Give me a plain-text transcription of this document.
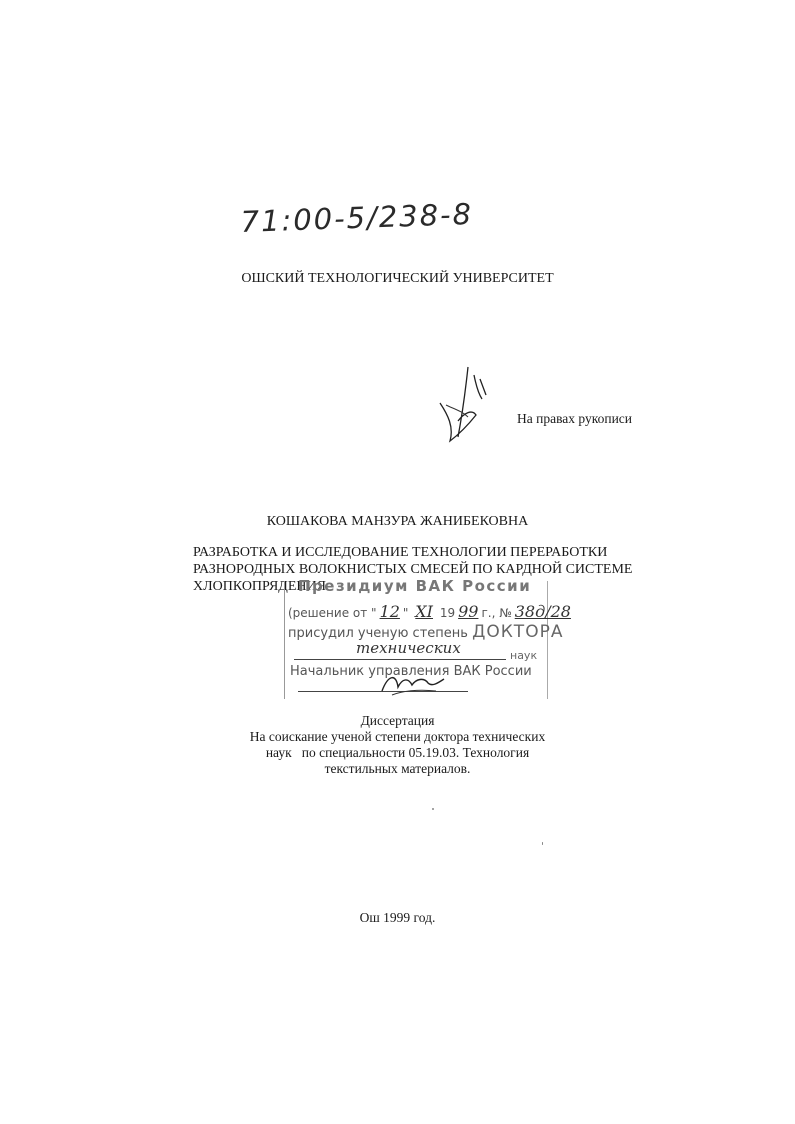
71:00-5/238-8
ОШСКИЙ ТЕХНОЛОГИЧЕСКИЙ УНИВЕРСИТЕТ
На правах рукописи
КОШАКОВА МАНЗУРА ЖАНИБЕКОВНА
РАЗРАБОТКА И ИССЛЕДОВАНИЕ ТЕХНОЛОГИИ ПЕРЕРАБОТКИ
РАЗНОРОДНЫХ ВОЛОКНИСТЫХ СМЕСЕЙ ПО КАРДНОЙ СИСТЕМЕ
ХЛОПКОПРЯДЕНИЯ
Президиум ВАК России
(решение от " 12 " XI 19 99 г., № 38д/28
присудил ученую степень ДОКТОРА
технических	наук
Начальник управления ВАК России
Диссертация
На соискание ученой степени доктора технических
наук   по специальности 05.19.03. Технология
текстильных материалов.
Ош 1999 год.
